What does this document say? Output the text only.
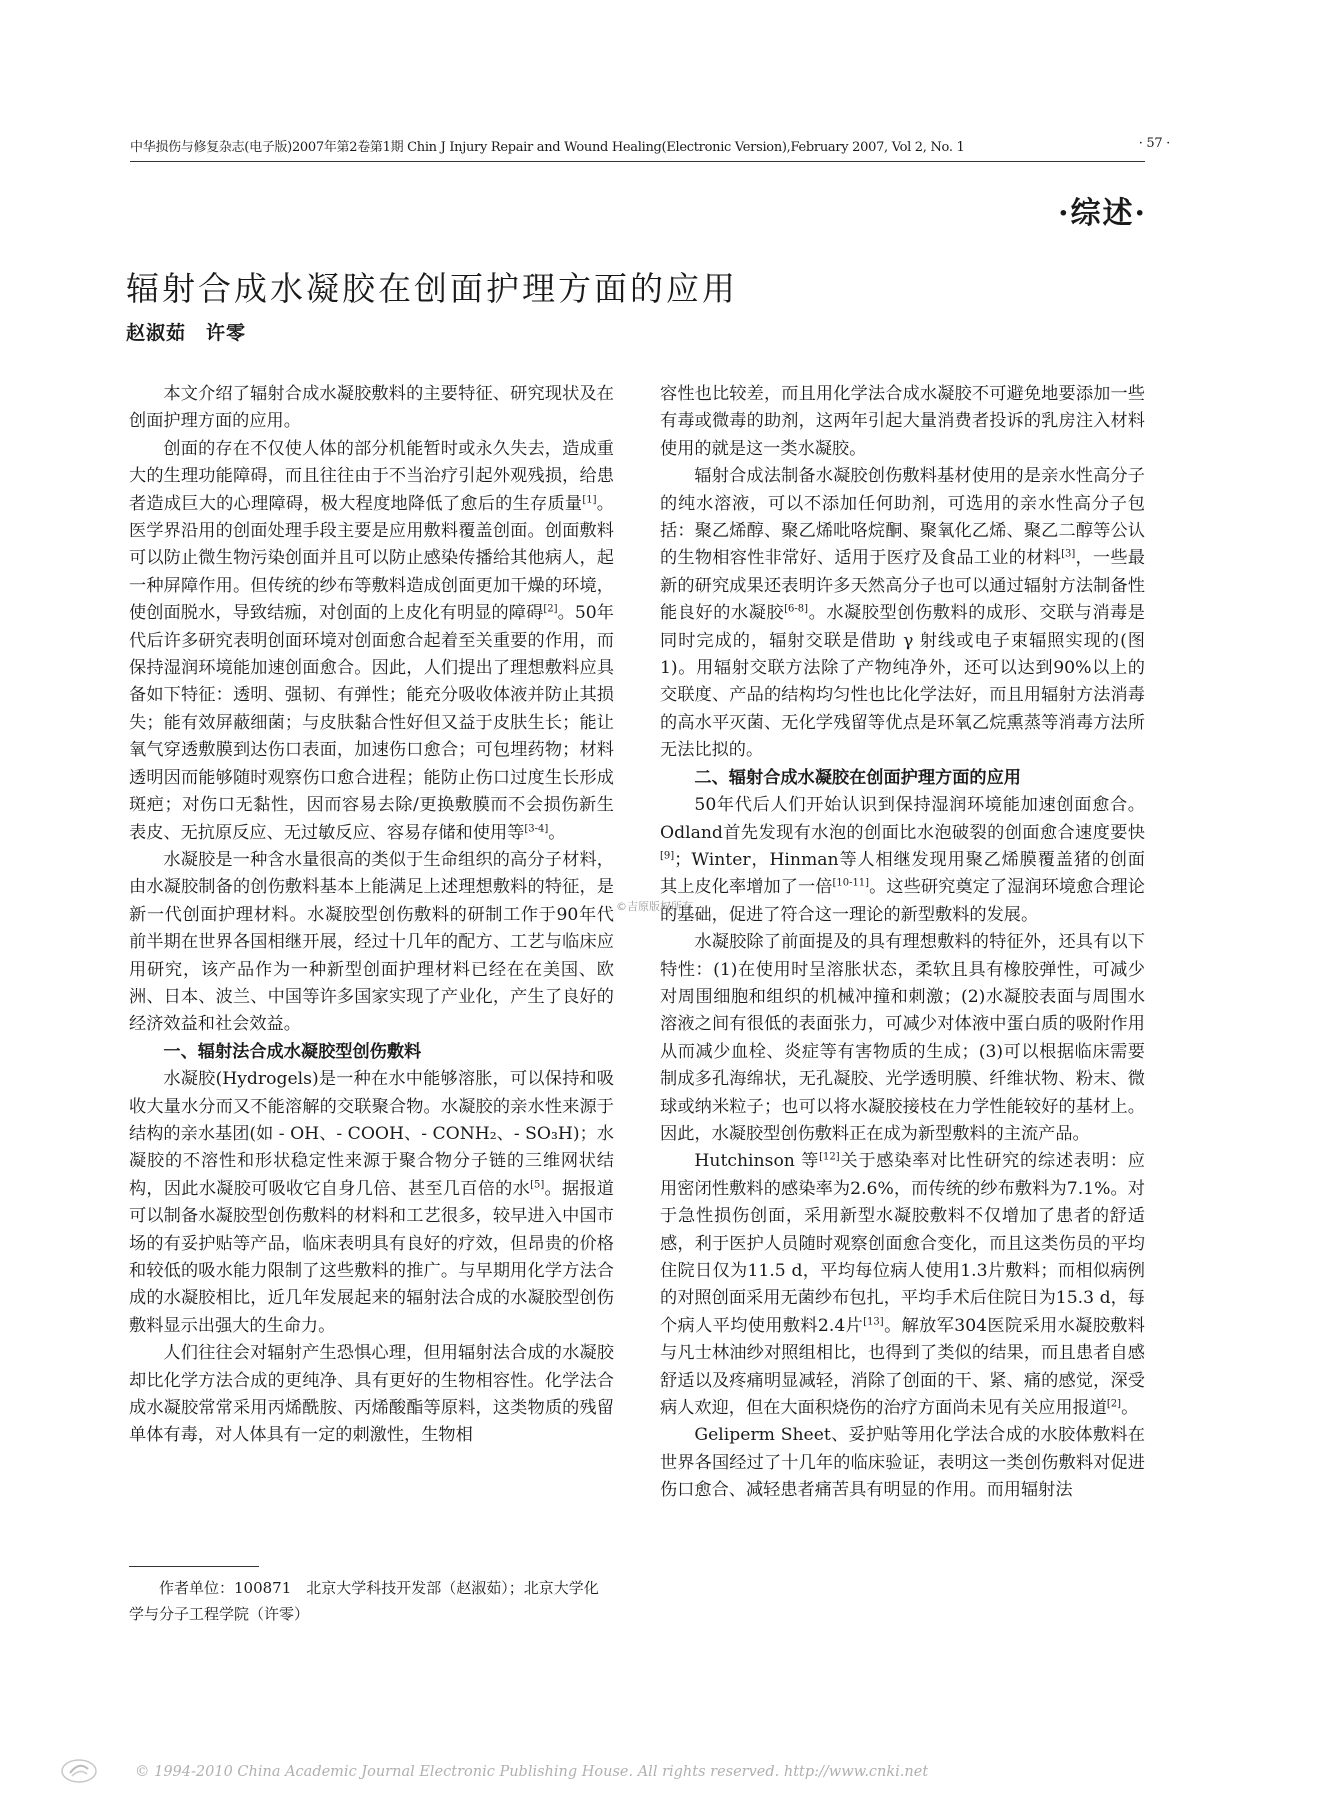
中华损伤与修复杂志(电子版)2007年第2卷第1期 Chin J Injury Repair and Wound Healing(Electronic Version),February 2007, Vol 2, No. 1	· 57 ·
·综述·
辐射合成水凝胶在创面护理方面的应用
赵淑茹　许零

本文介绍了辐射合成水凝胶敷料的主要特征、研究现状及在创面护理方面的应用。

创面的存在不仅使人体的部分机能暂时或永久失去，造成重大的生理功能障碍，而且往往由于不当治疗引起外观残损，给患者造成巨大的心理障碍，极大程度地降低了愈后的生存质量[1]。医学界沿用的创面处理手段主要是应用敷料覆盖创面。创面敷料可以防止微生物污染创面并且可以防止感染传播给其他病人，起一种屏障作用。但传统的纱布等敷料造成创面更加干燥的环境，使创面脱水，导致结痂，对创面的上皮化有明显的障碍[2]。50年代后许多研究表明创面环境对创面愈合起着至关重要的作用，而保持湿润环境能加速创面愈合。因此，人们提出了理想敷料应具备如下特征：透明、强韧、有弹性；能充分吸收体液并防止其损失；能有效屏蔽细菌；与皮肤黏合性好但又益于皮肤生长；能让氧气穿透敷膜到达伤口表面，加速伤口愈合；可包埋药物；材料透明因而能够随时观察伤口愈合进程；能防止伤口过度生长形成斑疤；对伤口无黏性，因而容易去除/更换敷膜而不会损伤新生表皮、无抗原反应、无过敏反应、容易存储和使用等[3-4]。

水凝胶是一种含水量很高的类似于生命组织的高分子材料，由水凝胶制备的创伤敷料基本上能满足上述理想敷料的特征，是新一代创面护理材料。水凝胶型创伤敷料的研制工作于90年代前半期在世界各国相继开展，经过十几年的配方、工艺与临床应用研究，该产品作为一种新型创面护理材料已经在在美国、欧洲、日本、波兰、中国等许多国家实现了产业化，产生了良好的经济效益和社会效益。

一、辐射法合成水凝胶型创伤敷料

水凝胶(Hydrogels)是一种在水中能够溶胀，可以保持和吸收大量水分而又不能溶解的交联聚合物。水凝胶的亲水性来源于结构的亲水基团(如 - OH、- COOH、- CONH₂、- SO₃H)；水凝胶的不溶性和形状稳定性来源于聚合物分子链的三维网状结构，因此水凝胶可吸收它自身几倍、甚至几百倍的水[5]。据报道可以制备水凝胶型创伤敷料的材料和工艺很多，较早进入中国市场的有妥护贴等产品，临床表明具有良好的疗效，但昂贵的价格和较低的吸水能力限制了这些敷料的推广。与早期用化学方法合成的水凝胶相比，近几年发展起来的辐射法合成的水凝胶型创伤敷料显示出强大的生命力。

人们往往会对辐射产生恐惧心理，但用辐射法合成的水凝胶却比化学方法合成的更纯净、具有更好的生物相容性。化学法合成水凝胶常常采用丙烯酰胺、丙烯酸酯等原料，这类物质的残留单体有毒，对人体具有一定的刺激性，生物相

作者单位：100871　北京大学科技开发部（赵淑茹）；北京大学化
学与分子工程学院（许零）

容性也比较差，而且用化学法合成水凝胶不可避免地要添加一些有毒或微毒的助剂，这两年引起大量消费者投诉的乳房注入材料使用的就是这一类水凝胶。

辐射合成法制备水凝胶创伤敷料基材使用的是亲水性高分子的纯水溶液，可以不添加任何助剂，可选用的亲水性高分子包括：聚乙烯醇、聚乙烯吡咯烷酮、聚氧化乙烯、聚乙二醇等公认的生物相容性非常好、适用于医疗及食品工业的材料[3]，一些最新的研究成果还表明许多天然高分子也可以通过辐射方法制备性能良好的水凝胶[6-8]。水凝胶型创伤敷料的成形、交联与消毒是同时完成的，辐射交联是借助 γ 射线或电子束辐照实现的(图1)。用辐射交联方法除了产物纯净外，还可以达到90%以上的交联度、产品的结构均匀性也比化学法好，而且用辐射方法消毒的高水平灭菌、无化学残留等优点是环氧乙烷熏蒸等消毒方法所无法比拟的。

二、辐射合成水凝胶在创面护理方面的应用

50年代后人们开始认识到保持湿润环境能加速创面愈合。Odland首先发现有水泡的创面比水泡破裂的创面愈合速度要快[9]；Winter，Hinman等人相继发现用聚乙烯膜覆盖猪的创面其上皮化率增加了一倍[10-11]。这些研究奠定了湿润环境愈合理论的基础，促进了符合这一理论的新型敷料的发展。

水凝胶除了前面提及的具有理想敷料的特征外，还具有以下特性：(1)在使用时呈溶胀状态，柔软且具有橡胶弹性，可减少对周围细胞和组织的机械冲撞和刺激；(2)水凝胶表面与周围水溶液之间有很低的表面张力，可减少对体液中蛋白质的吸附作用从而减少血栓、炎症等有害物质的生成；(3)可以根据临床需要制成多孔海绵状，无孔凝胶、光学透明膜、纤维状物、粉末、微球或纳米粒子；也可以将水凝胶接枝在力学性能较好的基材上。因此，水凝胶型创伤敷料正在成为新型敷料的主流产品。

Hutchinson 等[12]关于感染率对比性研究的综述表明：应用密闭性敷料的感染率为2.6%，而传统的纱布敷料为7.1%。对于急性损伤创面，采用新型水凝胶敷料不仅增加了患者的舒适感，利于医护人员随时观察创面愈合变化，而且这类伤员的平均住院日仅为11.5 d，平均每位病人使用1.3片敷料；而相似病例的对照创面采用无菌纱布包扎，平均手术后住院日为15.3 d，每个病人平均使用敷料2.4片[13]。解放军304医院采用水凝胶敷料与凡士林油纱对照组相比，也得到了类似的结果，而且患者自感舒适以及疼痛明显减轻，消除了创面的干、紧、痛的感觉，深受病人欢迎，但在大面积烧伤的治疗方面尚未见有关应用报道[2]。

Geliperm Sheet、妥护贴等用化学法合成的水胶体敷料在世界各国经过了十几年的临床验证，表明这一类创伤敷料对促进伤口愈合、减轻患者痛苦具有明显的作用。而用辐射法

©吉原版权所有
© 1994-2010 China Academic Journal Electronic Publishing House. All rights reserved. http://www.cnki.net
